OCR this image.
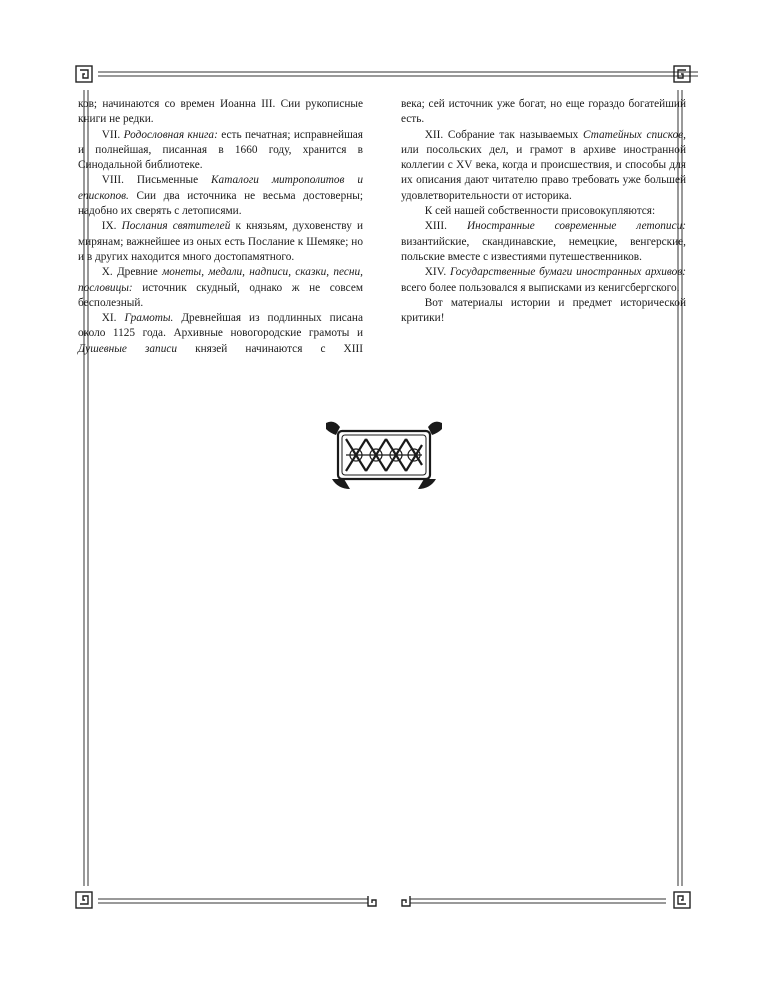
ков; начинаются со времен Иоанна III. Сии рукописные книги не редки.

VII. Родословная книга: есть печатная; исправнейшая и полнейшая, писанная в 1660 году, хранится в Синодальной библиотеке.

VIII. Письменные Каталоги митрополитов и епископов. Сии два источника не весьма достоверны; надобно их сверять с летописями.

IX. Послания святителей к князьям, духовенству и мирянам; важнейшее из оных есть Послание к Шемяке; но и в других находится много достопамятного.

X. Древние монеты, медали, надписи, сказки, песни, пословицы: источник скудный, однако ж не совсем бесполезный.

XI. Грамоты. Древнейшая из подлинных писана около 1125 года. Архивные новогородские грамоты и Душевные записи князей начинаются с XIII

века; сей источник уже богат, но еще гораздо богатейший есть.

XII. Собрание так называемых Статейных списков, или посольских дел, и грамот в архиве иностранной коллегии с XV века, когда и происшествия, и способы для их описания дают читателю право требовать уже большей удовлетворительности от историка.

К сей нашей собственности присовокупляются:

XIII. Иностранные современные летописи: византийские, скандинавские, немецкие, венгерские, польские вместе с известиями путешественников.

XIV. Государственные бумаги иностранных архивов: всего более пользовался я выписками из кенигсбергского.

Вот материалы истории и предмет исторической критики!
